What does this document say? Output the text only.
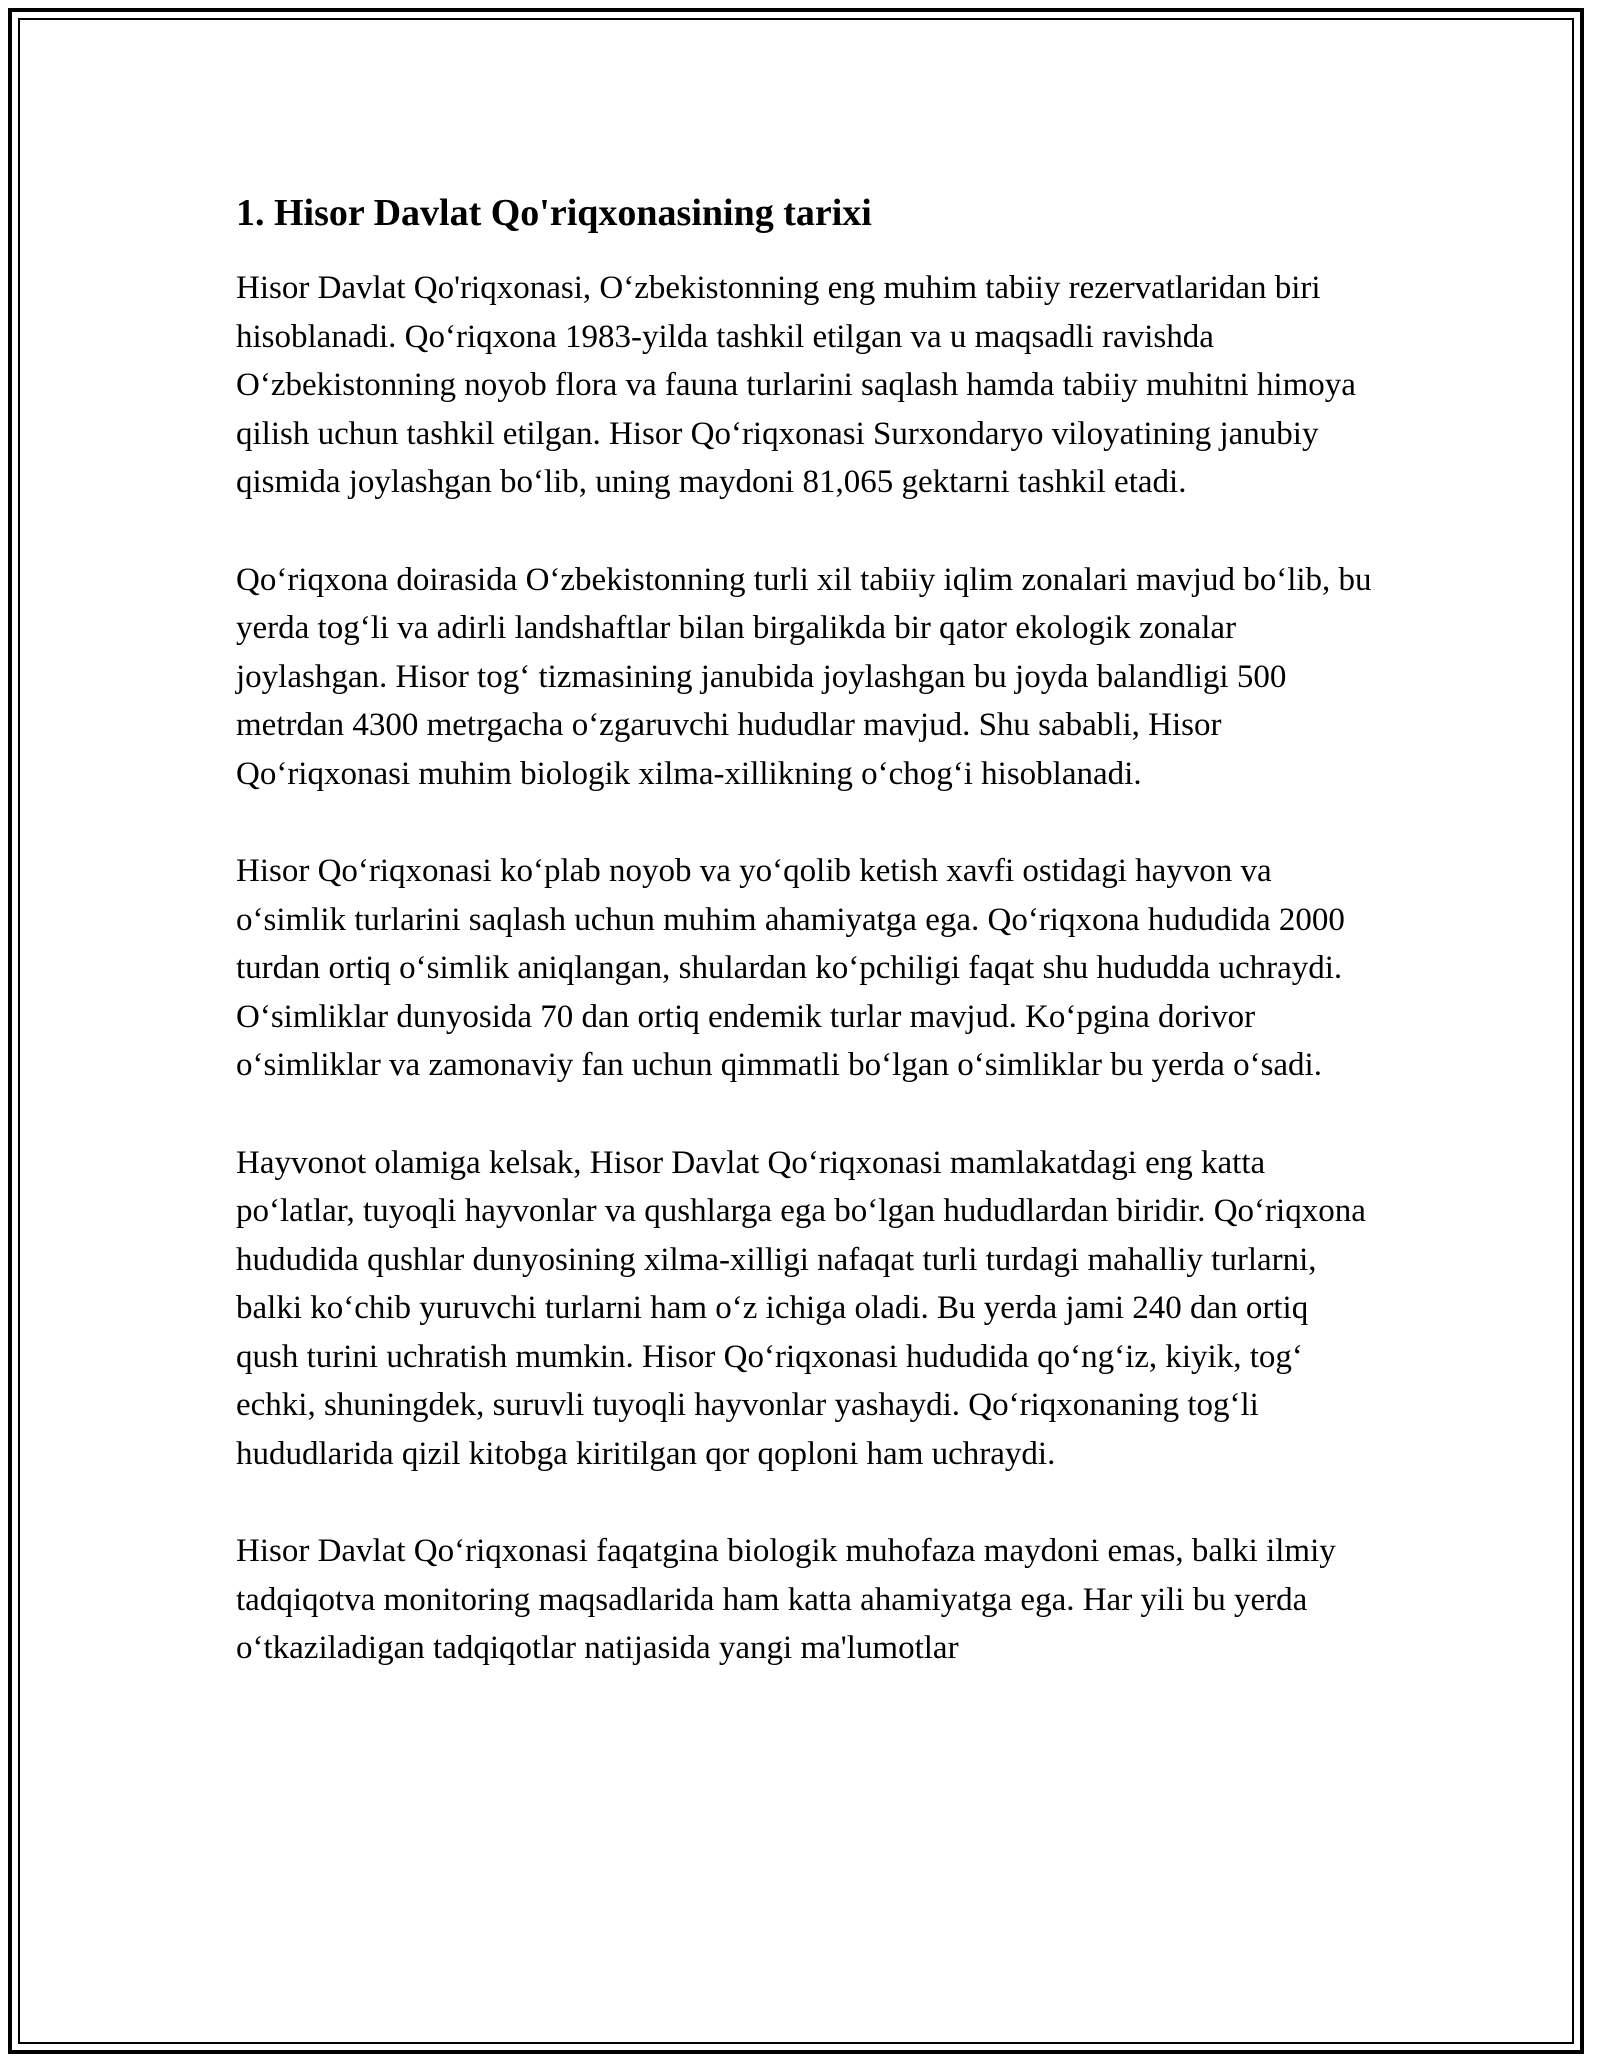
1. Hisor Davlat Qo'riqxonasining tarixi

Hisor Davlat Qo'riqxonasi, O‘zbekistonning eng muhim tabiiy rezervatlaridan biri hisoblanadi. Qo‘riqxona 1983-yilda tashkil etilgan va u maqsadli ravishda O‘zbekistonning noyob flora va fauna turlarini saqlash hamda tabiiy muhitni himoya qilish uchun tashkil etilgan. Hisor Qo‘riqxonasi Surxondaryo viloyatining janubiy qismida joylashgan bo‘lib, uning maydoni 81,065 gektarni tashkil etadi.

Qo‘riqxona doirasida O‘zbekistonning turli xil tabiiy iqlim zonalari mavjud bo‘lib, bu yerda tog‘li va adirli landshaftlar bilan birgalikda bir qator ekologik zonalar joylashgan. Hisor tog‘ tizmasining janubida joylashgan bu joyda balandligi 500 metrdan 4300 metrgacha o‘zgaruvchi hududlar mavjud. Shu sababli, Hisor Qo‘riqxonasi muhim biologik xilma-xillikning o‘chog‘i hisoblanadi.

Hisor Qo‘riqxonasi ko‘plab noyob va yo‘qolib ketish xavfi ostidagi hayvon va o‘simlik turlarini saqlash uchun muhim ahamiyatga ega. Qo‘riqxona hududida 2000 turdan ortiq o‘simlik aniqlangan, shulardan ko‘pchiligi faqat shu hududda uchraydi. O‘simliklar dunyosida 70 dan ortiq endemik turlar mavjud. Ko‘pgina dorivor o‘simliklar va zamonaviy fan uchun qimmatli bo‘lgan o‘simliklar bu yerda o‘sadi.

Hayvonot olamiga kelsak, Hisor Davlat Qo‘riqxonasi mamlakatdagi eng katta po‘latlar, tuyoqli hayvonlar va qushlarga ega bo‘lgan hududlardan biridir. Qo‘riqxona hududida qushlar dunyosining xilma-xilligi nafaqat turli turdagi mahalliy turlarni, balki ko‘chib yuruvchi turlarni ham o‘z ichiga oladi. Bu yerda jami 240 dan ortiq qush turini uchratish mumkin. Hisor Qo‘riqxonasi hududida qo‘ng‘iz, kiyik, tog‘ echki, shuningdek, suruvli tuyoqli hayvonlar yashaydi. Qo‘riqxonaning tog‘li hududlarida qizil kitobga kiritilgan qor qoploni ham uchraydi.

Hisor Davlat Qo‘riqxonasi faqatgina biologik muhofaza maydoni emas, balki ilmiy tadqiqotva monitoring maqsadlarida ham katta ahamiyatga ega. Har yili bu yerda o‘tkaziladigan tadqiqotlar natijasida yangi ma'lumotlar
